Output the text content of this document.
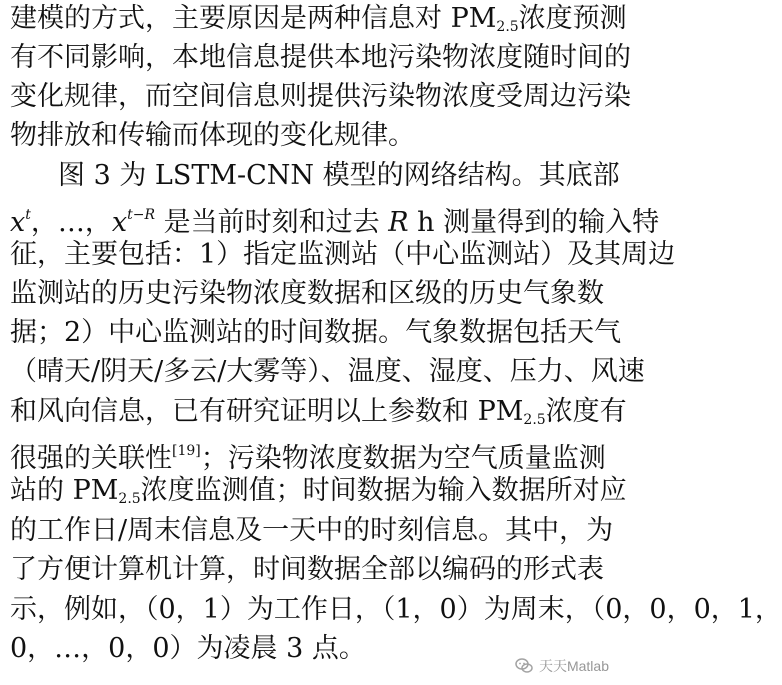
建模的方式，主要原因是两种信息对 $PM_{2.5}$浓度预测
有不同影响，本地信息提供本地污染物浓度随时间的
变化规律，而空间信息则提供污染物浓度受周边污染
物排放和传输而体现的变化规律。
图 3 为 LSTM-CNN 模型的网络结构。其底部
$x^t$，…，$x^{t-R}$ 是当前时刻和过去 R h 测量得到的输入特
征，主要包括：1）指定监测站（中心监测站）及其周边
监测站的历史污染物浓度数据和区级的历史气象数
据；2）中心监测站的时间数据。气象数据包括天气
（晴天/阴天/多云/大雾等）、温度、湿度、压力、风速
和风向信息，已有研究证明以上参数和 $PM_{2.5}$浓度有
很强的关联性[19]；污染物浓度数据为空气质量监测
站的 $PM_{2.5}$浓度监测值；时间数据为输入数据所对应
的工作日/周末信息及一天中的时刻信息。其中，为
了方便计算机计算，时间数据全部以编码的形式表
示，例如，（0，1）为工作日，（1，0）为周末，（0，0，0，1，
0，…，0，0）为凌晨 3 点。
天天Matlab
